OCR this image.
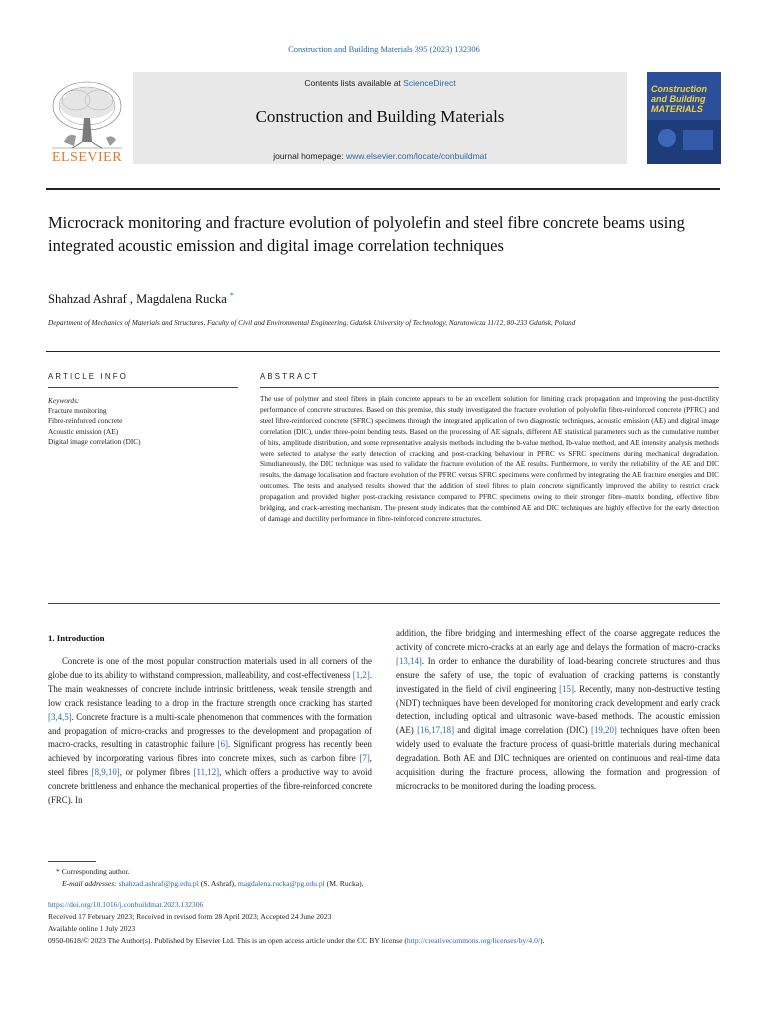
Construction and Building Materials 395 (2023) 132306
ELSEVIER
Contents lists available at ScienceDirect
Construction and Building Materials
journal homepage: www.elsevier.com/locate/conbuildmat
Construction and Building MATERIALS
Microcrack monitoring and fracture evolution of polyolefin and steel fibre concrete beams using integrated acoustic emission and digital image correlation techniques
Shahzad Ashraf , Magdalena Rucka *
Department of Mechanics of Materials and Structures, Faculty of Civil and Environmental Engineering, Gdańsk University of Technology, Narutowicza 11/12, 80-233 Gdańsk, Poland
ARTICLE INFO	ABSTRACT
Keywords:
Fracture monitoring
Fibre-reinforced concrete
Acoustic emission (AE)
Digital image correlation (DIC)
The use of polymer and steel fibres in plain concrete appears to be an excellent solution for limiting crack propagation and improving the post-ductility performance of concrete structures. Based on this premise, this study investigated the fracture evolution of polyolefin fibre-reinforced concrete (PFRC) and steel fibre-reinforced concrete (SFRC) specimens through the integrated application of two diagnostic techniques, acoustic emission (AE) and digital image correlation (DIC), under three-point bending tests. Based on the processing of AE signals, different AE statistical parameters such as the cumulative number of hits, amplitude distribution, and some representative analysis methods including the b-value method, Ib-value method, and AE intensity analysis methods were selected to analyse the early detection of cracking and post-cracking behaviour in PFRC vs SFRC specimens during mechanical degradation. Simultaneously, the DIC technique was used to validate the fracture evolution of the AE results. Furthermore, to verify the reliability of the AE and DIC results, the damage localisation and fracture evolution of the PFRC versus SFRC specimens were confirmed by integrating the AE fracture energies and DIC outcomes. The tests and analysed results showed that the addition of steel fibres to plain concrete significantly improved the ability to restrict crack propagation and provided higher post-cracking resistance compared to PFRC specimens owing to their stronger fibre–matrix bonding, effective fibre bridging, and crack-arresting mechanism. The present study indicates that the combined AE and DIC techniques are highly effective for the early detection of damage and ductility performance in fibre-reinforced concrete structures.
1. Introduction
Concrete is one of the most popular construction materials used in all corners of the globe due to its ability to withstand compression, malleability, and cost-effectiveness [1,2]. The main weaknesses of concrete include intrinsic brittleness, weak tensile strength and low crack resistance leading to a drop in the fracture strength once cracking has started [3,4,5]. Concrete fracture is a multi-scale phenomenon that commences with the formation and propagation of micro-cracks and progresses to the development and propagation of macro-cracks, resulting in catastrophic failure [6]. Significant progress has recently been achieved by incorporating various fibres into concrete mixes, such as carbon fibre [7], steel fibres [8,9,10], or polymer fibres [11,12], which offers a productive way to avoid concrete brittleness and enhance the mechanical properties of the fibre-reinforced concrete (FRC). In
addition, the fibre bridging and intermeshing effect of the coarse aggregate reduces the activity of concrete micro-cracks at an early age and delays the formation of macro-cracks [13,14]. In order to enhance the durability of load-bearing concrete structures and thus ensure the safety of use, the topic of evaluation of cracking patterns is constantly investigated in the field of civil engineering [15]. Recently, many non-destructive testing (NDT) techniques have been developed for monitoring crack development and early crack detection, including optical and ultrasonic wave-based methods. The acoustic emission (AE) [16,17,18] and digital image correlation (DIC) [19,20] techniques have often been widely used to evaluate the fracture process of quasi-brittle materials during mechanical degradation. Both AE and DIC techniques are oriented on continuous and real-time data acquisition during the fracture process, allowing the formation and progression of microcracks to be monitored during the loading process.
* Corresponding author.
E-mail addresses: shahzad.ashraf@pg.edu.pl (S. Ashraf), magdalena.rucka@pg.edu.pl (M. Rucka).
https://doi.org/10.1016/j.conbuildmat.2023.132306
Received 17 February 2023; Received in revised form 28 April 2023; Accepted 24 June 2023
Available online 1 July 2023
0950-0618/© 2023 The Author(s). Published by Elsevier Ltd. This is an open access article under the CC BY license (http://creativecommons.org/licenses/by/4.0/).
